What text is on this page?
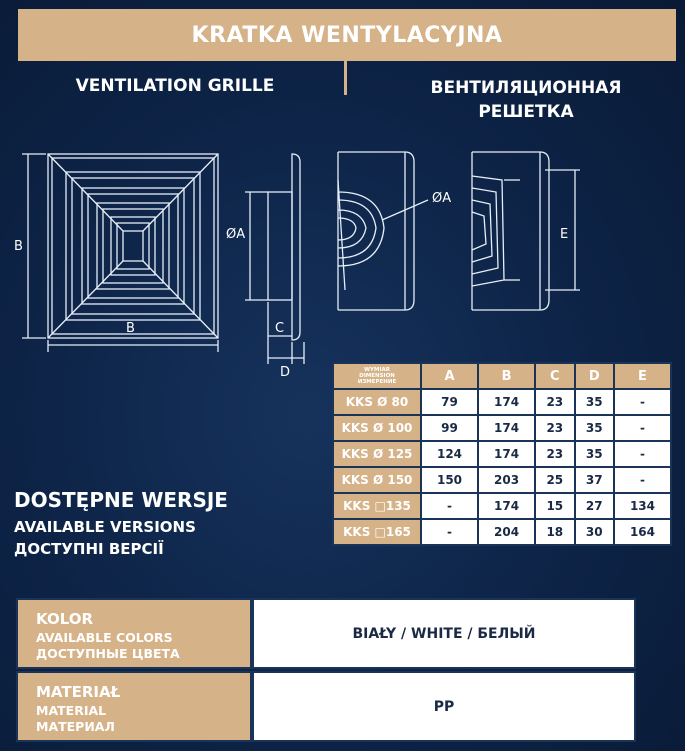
KRATKA WENTYLACYJNA
VENTILATION GRILLE	ВЕНТИЛЯЦИОННАЯ
РЕШЕТКА
B
B
ØA
C
D
ØA
E
WYMIAR
DIMENSION
ИЗМЕРЕНИЕ	A	B	C	D	E
KKS Ø 80	79	174	23	35	-
KKS Ø 100	99	174	23	35	-
KKS Ø 125	124	174	23	35	-
KKS Ø 150	150	203	25	37	-
KKS □135	-	174	15	27	134
KKS □165	-	204	18	30	164
DOSTĘPNE WERSJE
AVAILABLE VERSIONS
ДОСТУПНІ ВЕРСІЇ
KOLOR
AVAILABLE COLORS
ДОСТУПНЫЕ ЦВЕТА
BIAŁY / WHITE / БЕЛЫЙ
MATERIAŁ
MATERIAL
МАТЕРИАЛ
PP
